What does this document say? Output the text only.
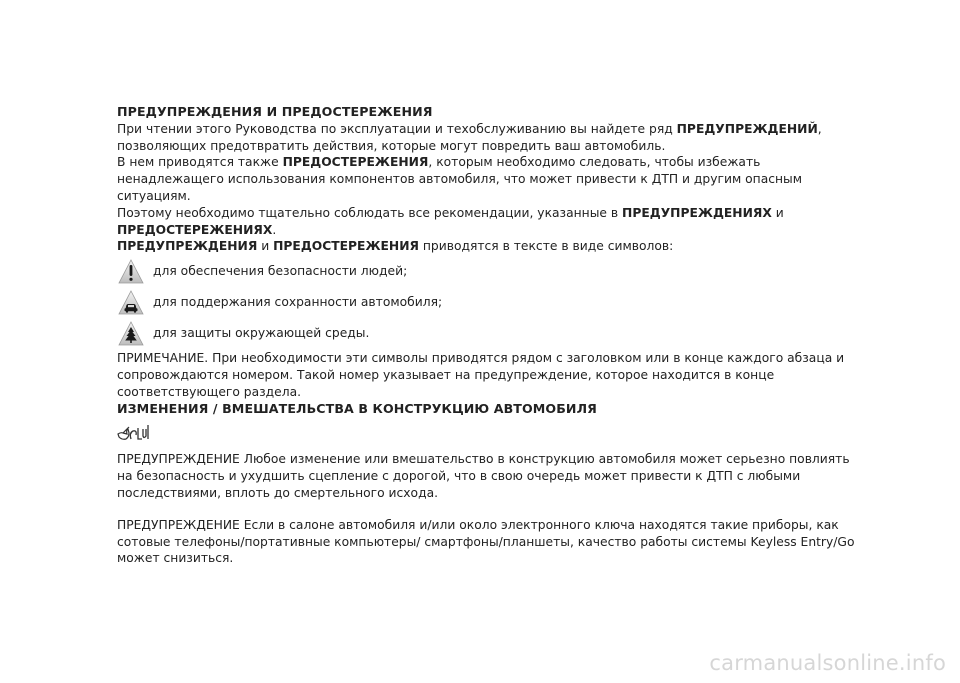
ПРЕДУПРЕЖДЕНИЯ И ПРЕДОСТЕРЕЖЕНИЯ

При чтении этого Руководства по эксплуатации и техобслуживанию вы найдете ряд ПРЕДУПРЕЖДЕНИЙ, позволяющих предотвратить действия, которые могут повредить ваш автомобиль.

В нем приводятся также ПРЕДОСТЕРЕЖЕНИЯ, которым необходимо следовать, чтобы избежать ненадлежащего использования компонентов автомобиля, что может привести к ДТП и другим опасным ситуациям.

Поэтому необходимо тщательно соблюдать все рекомендации, указанные в ПРЕДУПРЕЖДЕНИЯХ и ПРЕДОСТЕРЕЖЕНИЯХ.

ПРЕДУПРЕЖДЕНИЯ и ПРЕДОСТЕРЕЖЕНИЯ приводятся в тексте в виде символов:

для обеспечения безопасности людей;
для поддержания сохранности автомобиля;
для защиты окружающей среды.

ПРИМЕЧАНИЕ. При необходимости эти символы приводятся рядом с заголовком или в конце каждого абзаца и сопровождаются номером. Такой номер указывает на предупреждение, которое находится в конце соответствующего раздела.

ИЗМЕНЕНИЯ / ВМЕШАТЕЛЬСТВА В КОНСТРУКЦИЮ АВТОМОБИЛЯ

ПРЕДУПРЕЖДЕНИЕ Любое изменение или вмешательство в конструкцию автомобиля может серьезно повлиять на безопасность и ухудшить сцепление с дорогой, что в свою очередь может привести к ДТП с любыми последствиями, вплоть до смертельного исхода.

ПРЕДУПРЕЖДЕНИЕ Если в салоне автомобиля и/или около электронного ключа находятся такие приборы, как сотовые телефоны/портативные компьютеры/ смартфоны/планшеты, качество работы системы Keyless Entry/Go может снизиться.

carmanualsonline.info
